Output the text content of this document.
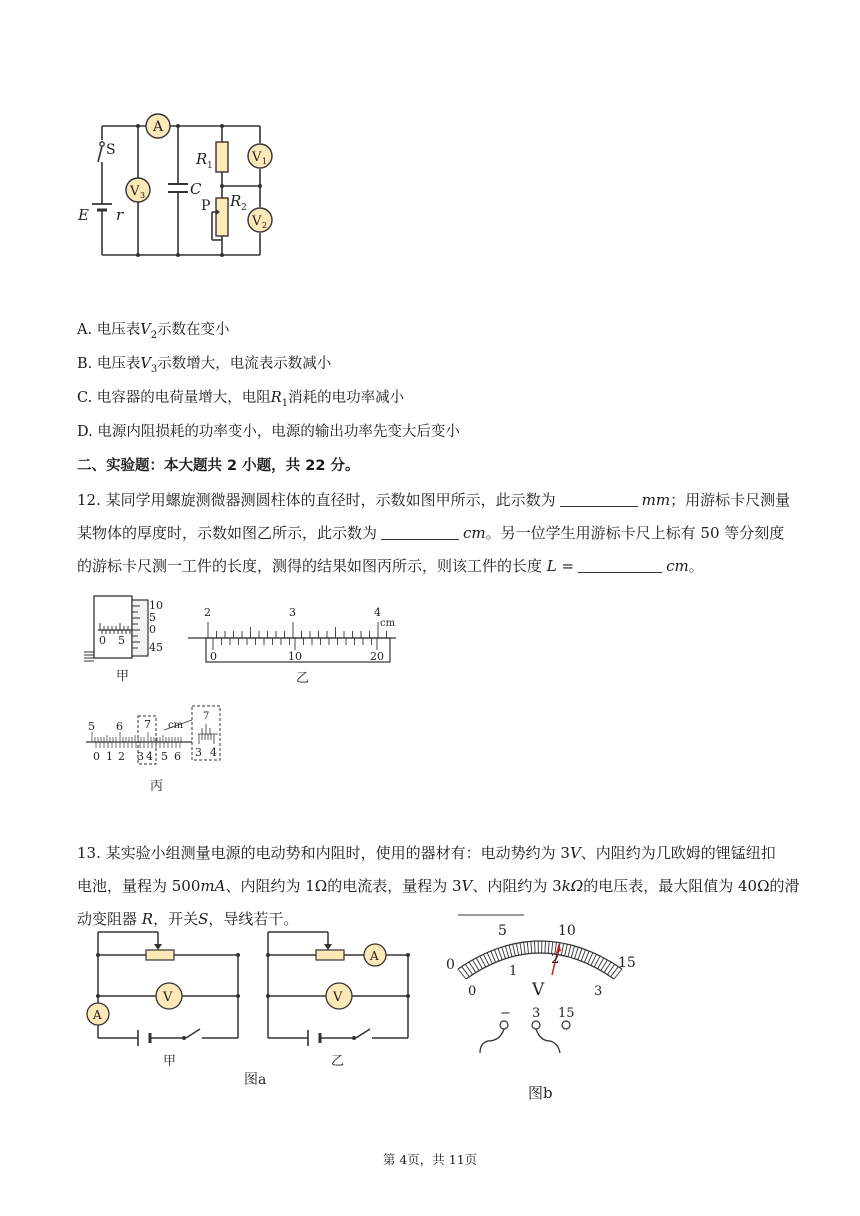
A
S
V 3
V 1
V 2
R 1
R 2
C
P
E r
A. 电压表$V_2$示数在变小
B. 电压表$V_3$示数增大，电流表示数减小
C. 电容器的电荷量增大，电阻$R_1$消耗的电功率减小
D. 电源内阻损耗的功率变小，电源的输出功率先变大后变小
二、实验题：本大题共 2 小题，共 22 分。
12. 某同学用螺旋测微器测圆柱体的直径时，示数如图甲所示，此示数为	mm；用游标卡尺测量
某物体的厚度时，示数如图乙所示，此示数为	cm。另一位学生用游标卡尺上标有 50 等分刻度
的游标卡尺测一工件的长度，测得的结果如图丙所示，则该工件的长度 L =	cm。
0 5
10
5
0
45
甲
2	3	4
cm
0	10	20
乙
5 6 7 cm
7
3 4
0 1 2 3 4 5 6
丙
13. 某实验小组测量电源的电动势和内阻时，使用的器材有：电动势约为 3V、内阻约为几欧姆的锂锰纽扣
电池，量程为 500mA、内阻约为 1Ω的电流表，量程为 3V、内阻约为 3kΩ的电压表，最大阻值为 40Ω的滑
动变阻器 R，开关S，导线若干。
V	V
A
A
甲	乙
图a
0
5	10
15
1
2
0	3
V
− 3 15
图b
第 4页，共 11页
